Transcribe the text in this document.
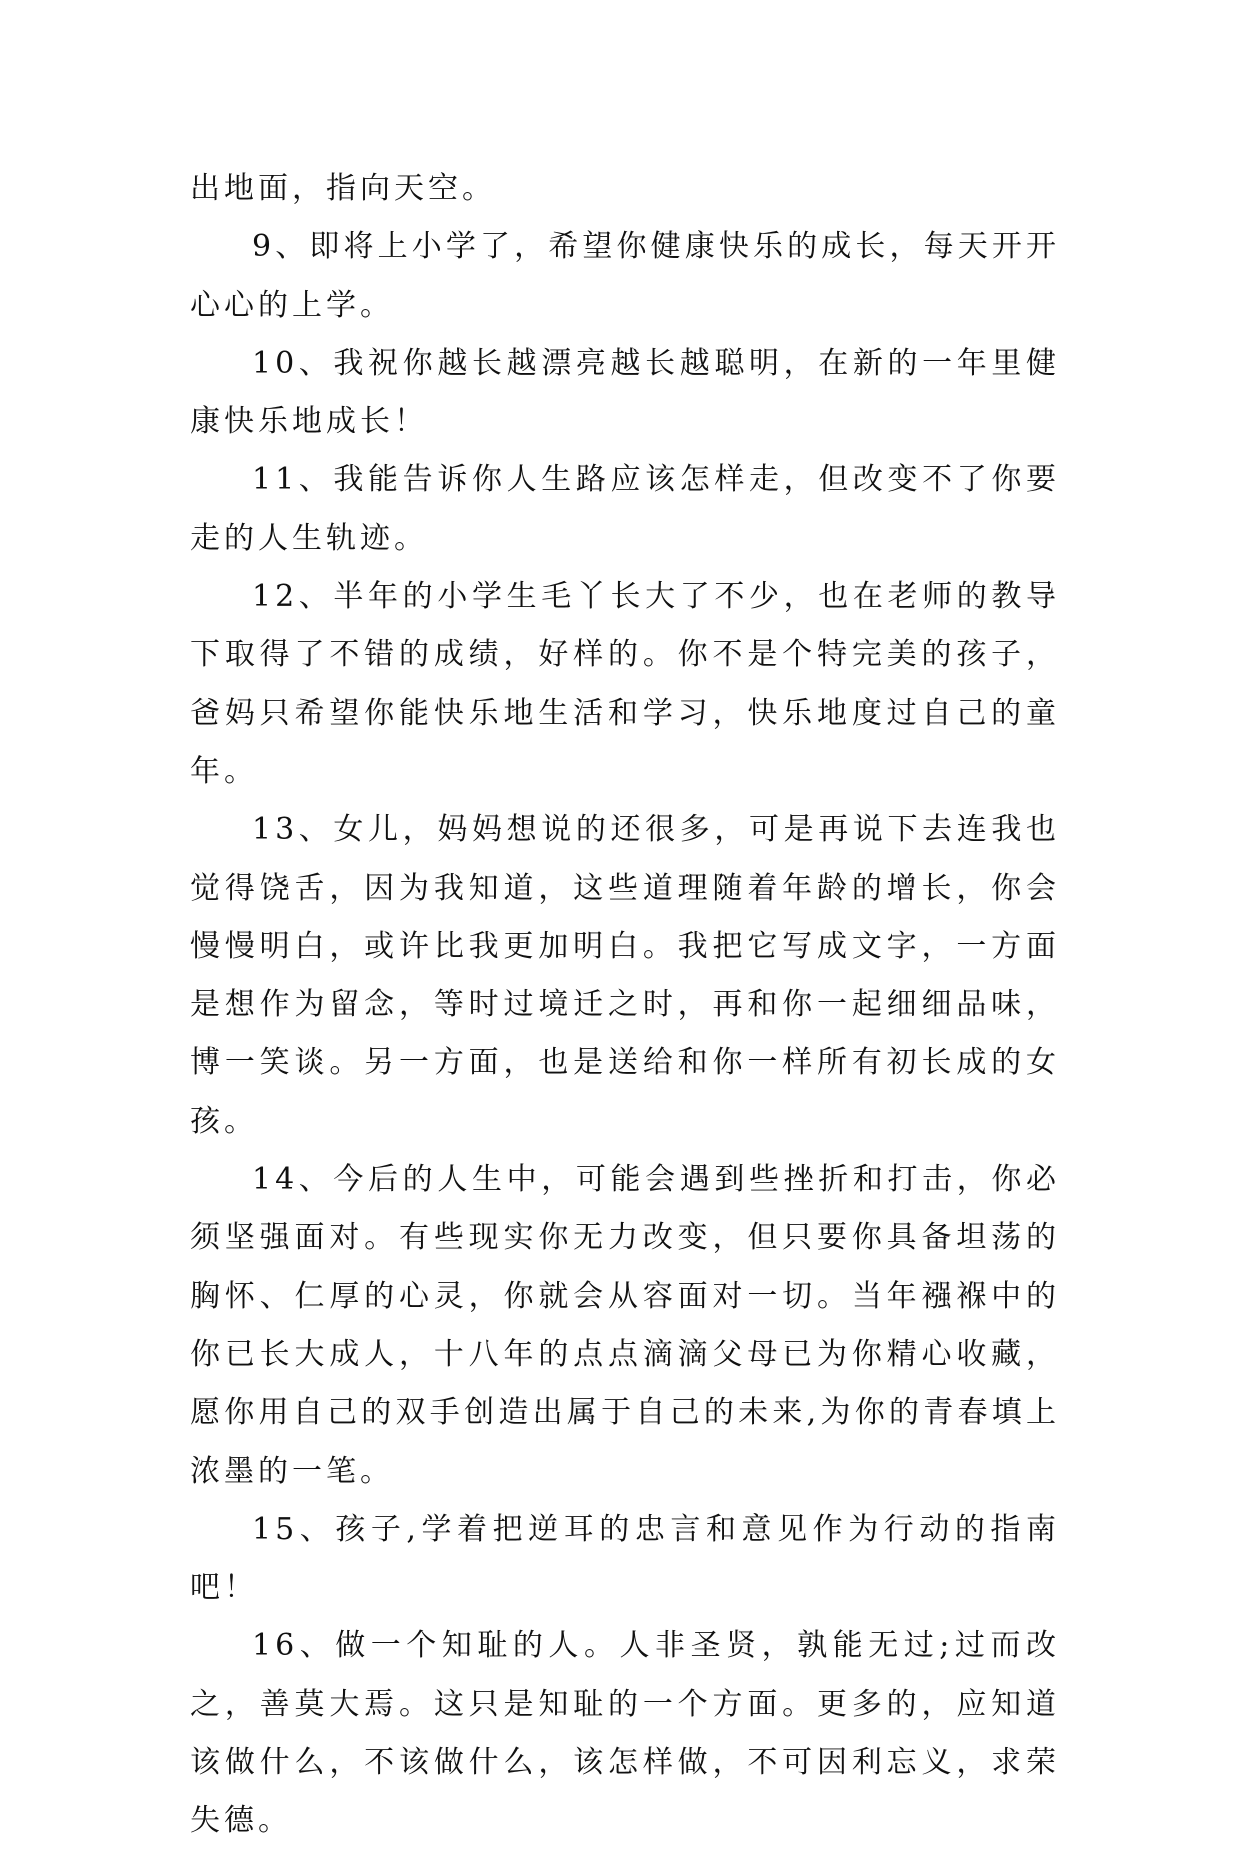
出地面，指向天空。

9、即将上小学了，希望你健康快乐的成长，每天开开心心的上学。

10、我祝你越长越漂亮越长越聪明，在新的一年里健康快乐地成长！

11、我能告诉你人生路应该怎样走，但改变不了你要走的人生轨迹。

12、半年的小学生毛丫长大了不少，也在老师的教导下取得了不错的成绩，好样的。你不是个特完美的孩子，爸妈只希望你能快乐地生活和学习，快乐地度过自己的童年。

13、女儿，妈妈想说的还很多，可是再说下去连我也觉得饶舌，因为我知道，这些道理随着年龄的增长，你会慢慢明白，或许比我更加明白。我把它写成文字，一方面是想作为留念，等时过境迁之时，再和你一起细细品味，博一笑谈。另一方面，也是送给和你一样所有初长成的女孩。

14、今后的人生中，可能会遇到些挫折和打击，你必须坚强面对。有些现实你无力改变，但只要你具备坦荡的胸怀、仁厚的心灵，你就会从容面对一切。当年襁褓中的你已长大成人，十八年的点点滴滴父母已为你精心收藏，愿你用自己的双手创造出属于自己的未来,为你的青春填上浓墨的一笔。

15、孩子,学着把逆耳的忠言和意见作为行动的指南吧！

16、做一个知耻的人。人非圣贤，孰能无过;过而改之，善莫大焉。这只是知耻的一个方面。更多的，应知道该做什么，不该做什么，该怎样做，不可因利忘义，求荣失德。
